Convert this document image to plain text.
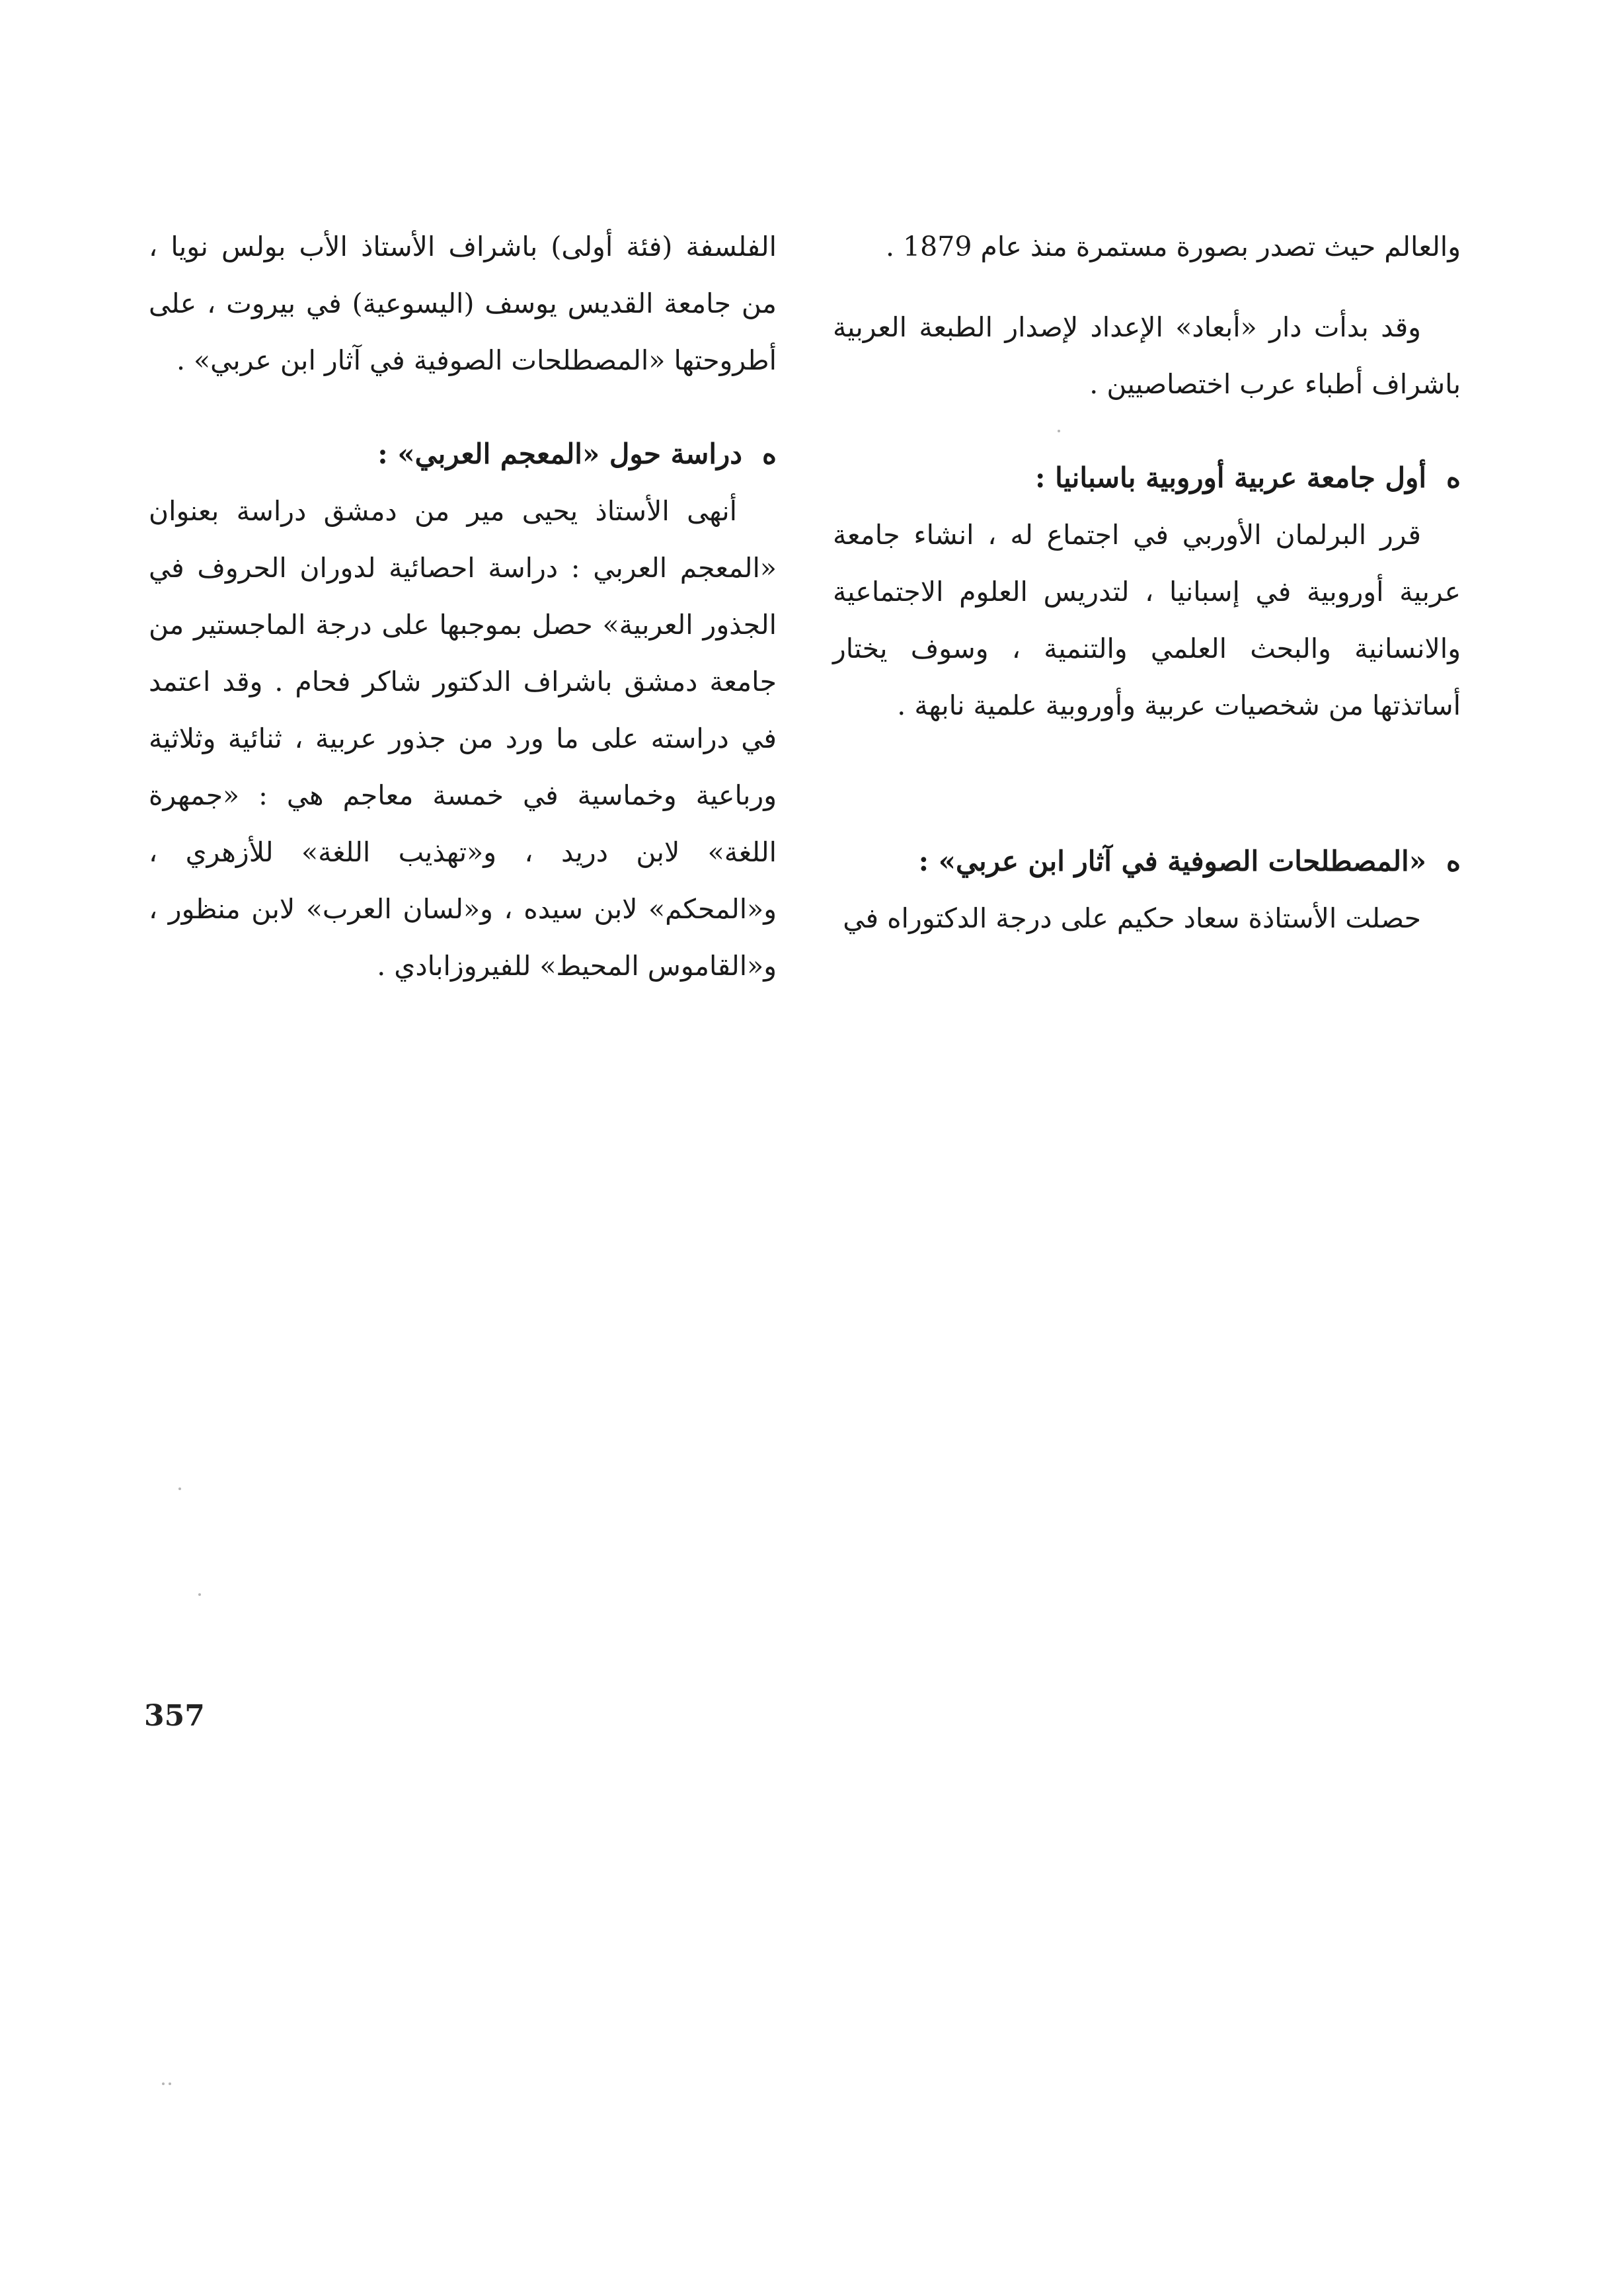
والعالم حيث تصدر بصورة مستمرة منذ عام 1879 .

وقد بدأت دار «أبعاد» الإعداد لإصدار الطبعة العربية باشراف أطباء عرب اختصاصيين .

هأول جامعة عربية أوروبية باسبانيا :

قرر البرلمان الأوربي في اجتماع له ، انشاء جامعة عربية أوروبية في إسبانيا ، لتدريس العلوم الاجتماعية والانسانية والبحث العلمي والتنمية ، وسوف يختار أساتذتها من شخصيات عربية وأوروبية علمية نابهة .

ه«المصطلحات الصوفية في آثار ابن عربي» :

حصلت الأستاذة سعاد حكيم على درجة الدكتوراه في

الفلسفة (فئة أولى) باشراف الأستاذ الأب بولس نويا ، من جامعة القديس يوسف (اليسوعية) في بيروت ، على أطروحتها «المصطلحات الصوفية في آثار ابن عربي» .

هدراسة حول «المعجم العربي» :

أنهى الأستاذ يحيى مير من دمشق دراسة بعنوان «المعجم العربي : دراسة احصائية لدوران الحروف في الجذور العربية» حصل بموجبها على درجة الماجستير من جامعة دمشق باشراف الدكتور شاكر فحام . وقد اعتمد في دراسته على ما ورد من جذور عربية ، ثنائية وثلاثية ورباعية وخماسية في خمسة معاجم هي : «جمهرة اللغة» لابن دريد ، و«تهذيب اللغة» للأزهري ، و«المحكم» لابن سيده ، و«لسان العرب» لابن منظور ، و«القاموس المحيط» للفيروزابادي .

357
